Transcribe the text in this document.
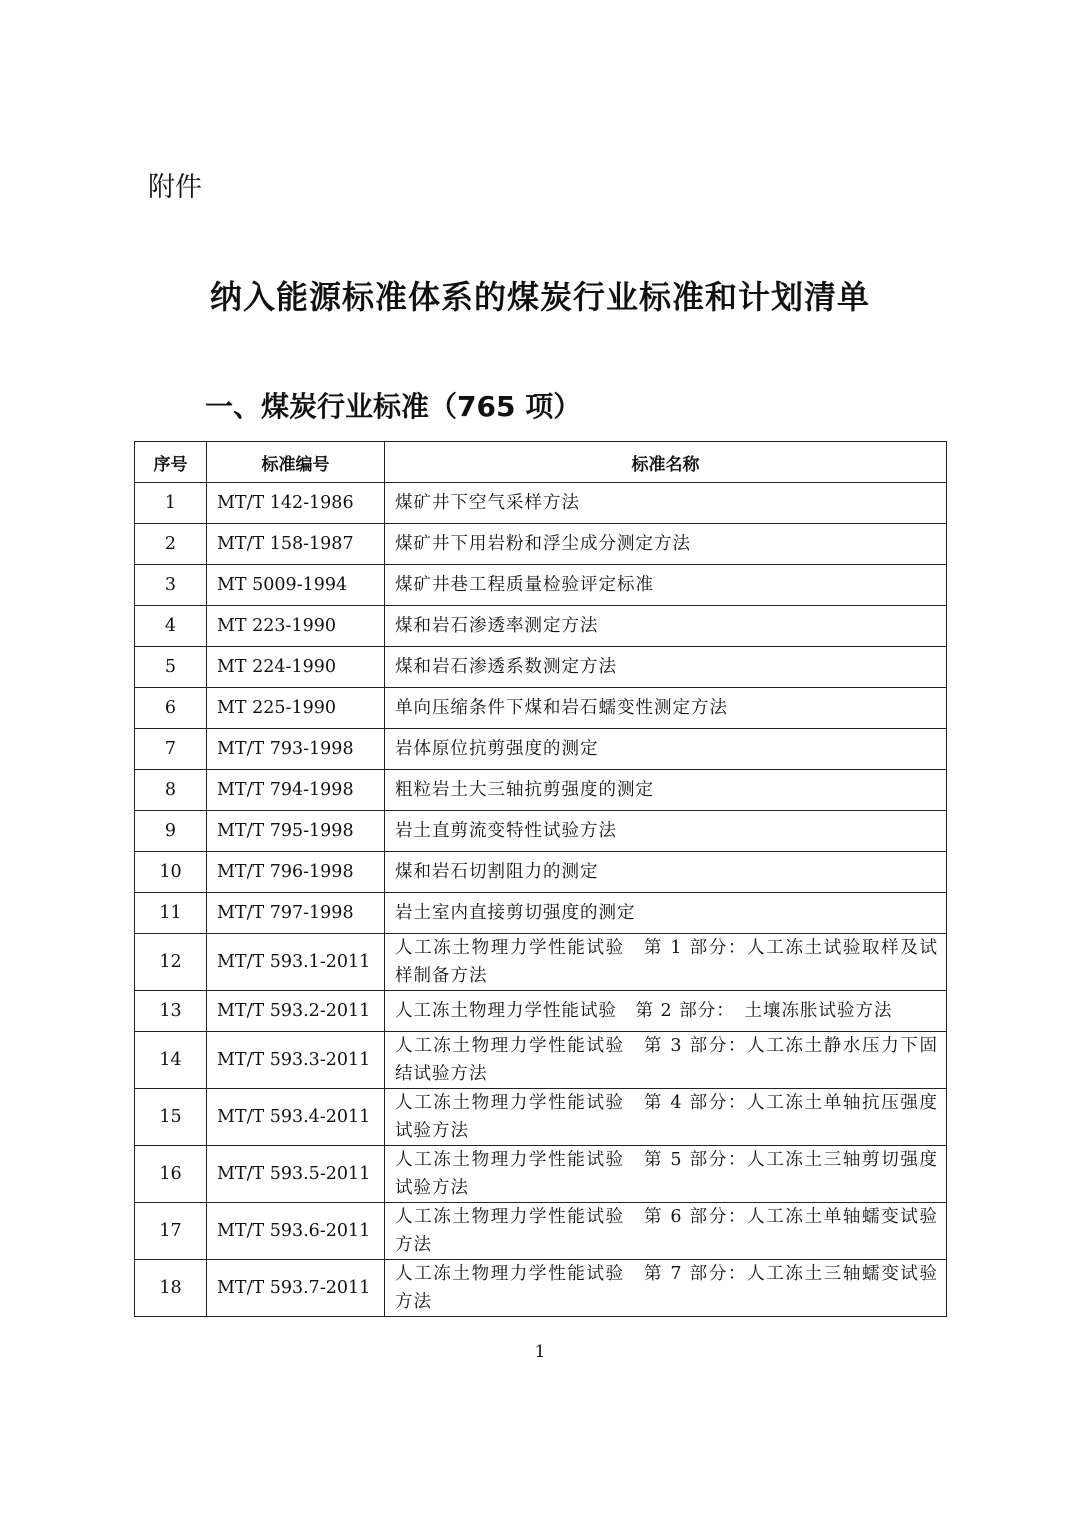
附件

纳入能源标准体系的煤炭行业标准和计划清单
一、煤炭行业标准（765 项）
序号	标准编号	标准名称
1	MT/T 142-1986	煤矿井下空气采样方法
2	MT/T 158-1987	煤矿井下用岩粉和浮尘成分测定方法
3	MT 5009-1994	煤矿井巷工程质量检验评定标准
4	MT 223-1990	煤和岩石渗透率测定方法
5	MT 224-1990	煤和岩石渗透系数测定方法
6	MT 225-1990	单向压缩条件下煤和岩石蠕变性测定方法
7	MT/T 793-1998	岩体原位抗剪强度的测定
8	MT/T 794-1998	粗粒岩土大三轴抗剪强度的测定
9	MT/T 795-1998	岩土直剪流变特性试验方法
10	MT/T 796-1998	煤和岩石切割阻力的测定
11	MT/T 797-1998	岩土室内直接剪切强度的测定
12	MT/T 593.1-2011	人工冻土物理力学性能试验　第 1 部分：人工冻土试验取样及试样制备方法
13	MT/T 593.2-2011	人工冻土物理力学性能试验　第 2 部分：　土壤冻胀试验方法
14	MT/T 593.3-2011	人工冻土物理力学性能试验　第 3 部分：人工冻土静水压力下固结试验方法
15	MT/T 593.4-2011	人工冻土物理力学性能试验　第 4 部分：人工冻土单轴抗压强度试验方法
16	MT/T 593.5-2011	人工冻土物理力学性能试验　第 5 部分：人工冻土三轴剪切强度试验方法
17	MT/T 593.6-2011	人工冻土物理力学性能试验　第 6 部分：人工冻土单轴蠕变试验方法
18	MT/T 593.7-2011	人工冻土物理力学性能试验　第 7 部分：人工冻土三轴蠕变试验方法

1
